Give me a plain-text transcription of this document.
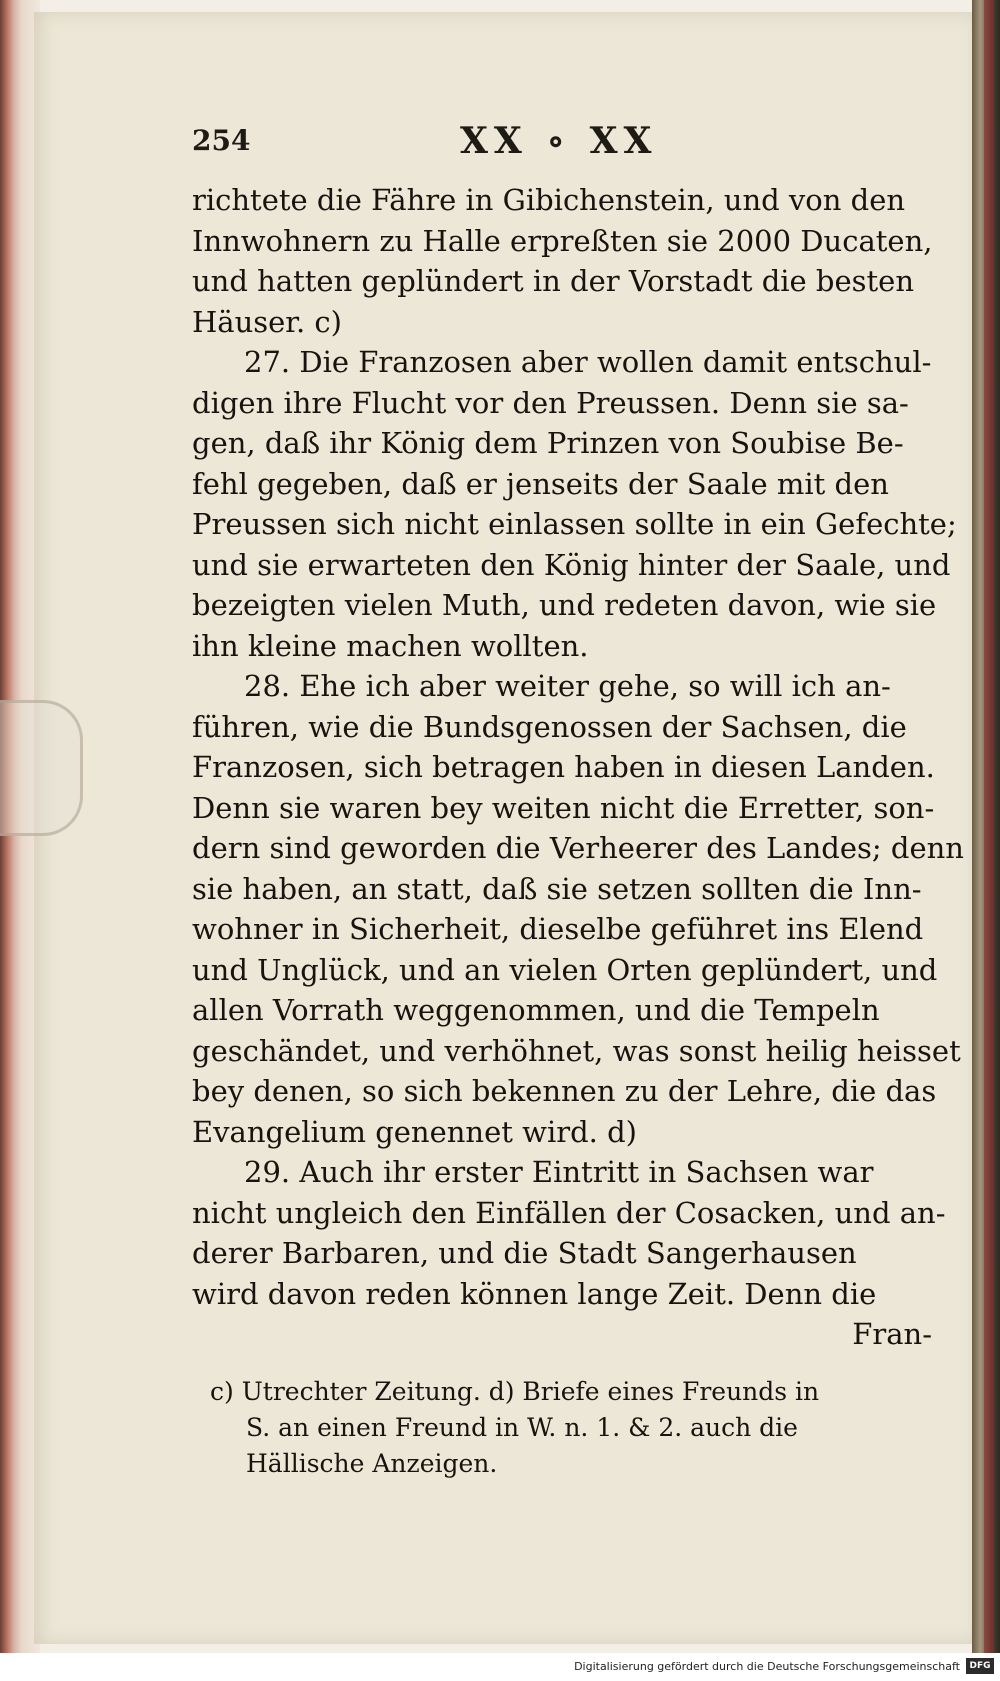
254	XX ∘ XX
richtete die Fähre in Gibichenstein, und von den
Innwohnern zu Halle erpreßten sie 2000 Ducaten,
und hatten geplündert in der Vorstadt die besten
Häuser. c)
27. Die Franzosen aber wollen damit entschul-
digen ihre Flucht vor den Preussen. Denn sie sa-
gen, daß ihr König dem Prinzen von Soubise Be-
fehl gegeben, daß er jenseits der Saale mit den
Preussen sich nicht einlassen sollte in ein Gefechte;
und sie erwarteten den König hinter der Saale, und
bezeigten vielen Muth, und redeten davon, wie sie
ihn kleine machen wollten.
28. Ehe ich aber weiter gehe, so will ich an-
führen, wie die Bundsgenossen der Sachsen, die
Franzosen, sich betragen haben in diesen Landen.
Denn sie waren bey weiten nicht die Erretter, son-
dern sind geworden die Verheerer des Landes; denn
sie haben, an statt, daß sie setzen sollten die Inn-
wohner in Sicherheit, dieselbe geführet ins Elend
und Unglück, und an vielen Orten geplündert, und
allen Vorrath weggenommen, und die Tempeln
geschändet, und verhöhnet, was sonst heilig heisset
bey denen, so sich bekennen zu der Lehre, die das
Evangelium genennet wird. d)
29. Auch ihr erster Eintritt in Sachsen war
nicht ungleich den Einfällen der Cosacken, und an-
derer Barbaren, und die Stadt Sangerhausen
wird davon reden können lange Zeit. Denn die
Fran-
c) Utrechter Zeitung. d) Briefe eines Freunds in
S. an einen Freund in W. n. 1. & 2. auch die
Hällische Anzeigen.
Digitalisierung gefördert durch die Deutsche Forschungsgemeinschaft	DFG
